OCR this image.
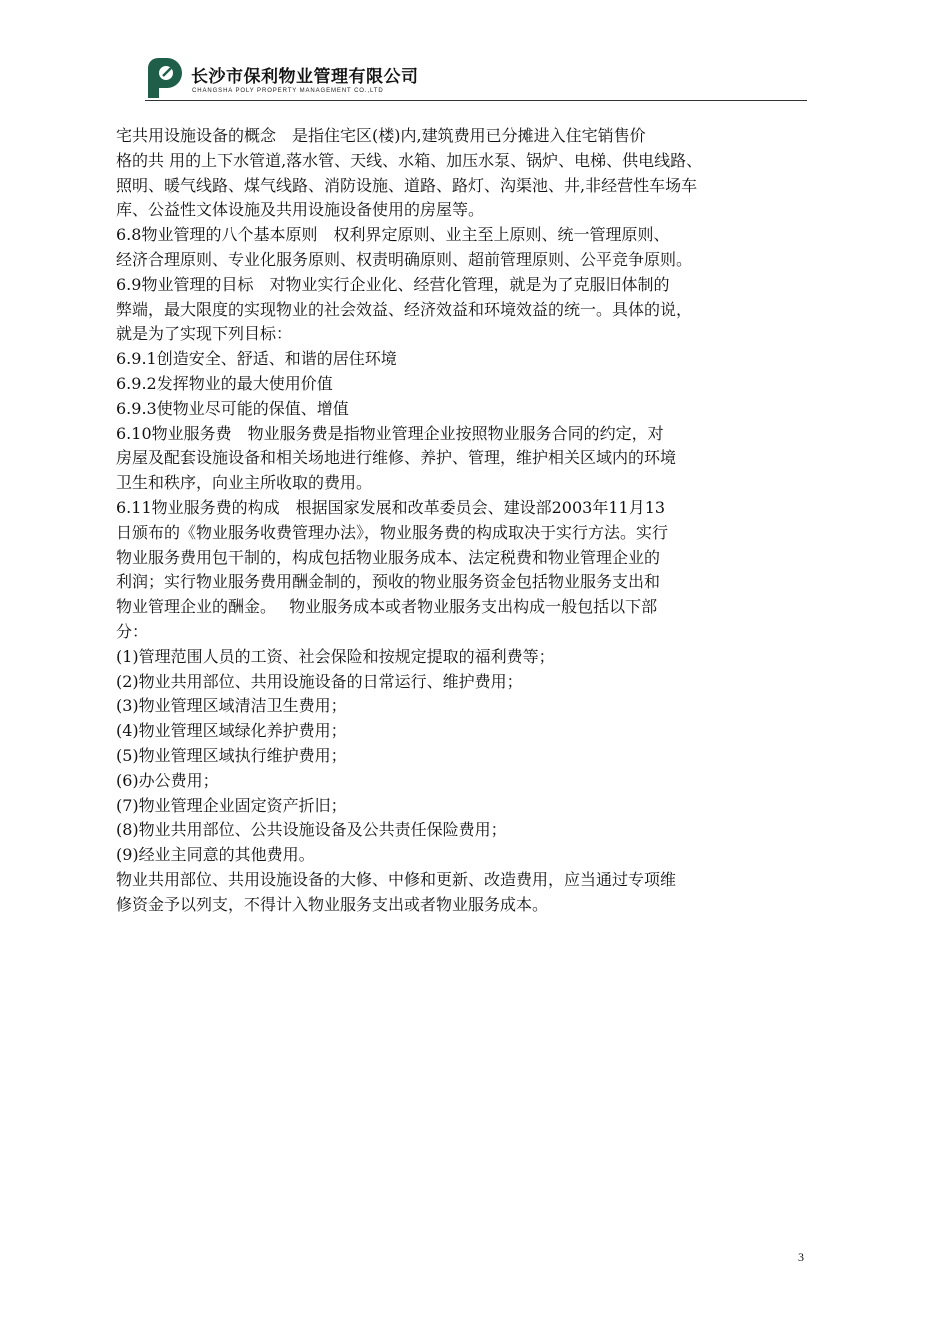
长沙市保利物业管理有限公司
CHANGSHA POLY PROPERTY MANAGEMENT CO.,LTD
宅共用设施设备的概念　是指住宅区(楼)内,建筑费用已分摊进入住宅销售价
格的共 用的上下水管道,落水管、天线、水箱、加压水泵、锅炉、电梯、供电线路、
照明、暖气线路、煤气线路、消防设施、道路、路灯、沟渠池、井,非经营性车场车
库、公益性文体设施及共用设施设备使用的房屋等。
6.8物业管理的八个基本原则　权利界定原则、业主至上原则、统一管理原则、
经济合理原则、专业化服务原则、权责明确原则、超前管理原则、公平竞争原则。
6.9物业管理的目标　对物业实行企业化、经营化管理，就是为了克服旧体制的
弊端，最大限度的实现物业的社会效益、经济效益和环境效益的统一。具体的说，
就是为了实现下列目标：
6.9.1创造安全、舒适、和谐的居住环境
6.9.2发挥物业的最大使用价值
6.9.3使物业尽可能的保值、增值
6.10物业服务费　物业服务费是指物业管理企业按照物业服务合同的约定，对
房屋及配套设施设备和相关场地进行维修、养护、管理，维护相关区域内的环境
卫生和秩序，向业主所收取的费用。
6.11物业服务费的构成　根据国家发展和改革委员会、建设部2003年11月13
日颁布的《物业服务收费管理办法》，物业服务费的构成取决于实行方法。实行
物业服务费用包干制的，构成包括物业服务成本、法定税费和物业管理企业的
利润；实行物业服务费用酬金制的，预收的物业服务资金包括物业服务支出和
物业管理企业的酬金。　 物业服务成本或者物业服务支出构成一般包括以下部
分：
(1)管理范围人员的工资、社会保险和按规定提取的福利费等；
(2)物业共用部位、共用设施设备的日常运行、维护费用；
(3)物业管理区域清洁卫生费用；
(4)物业管理区域绿化养护费用；
(5)物业管理区域执行维护费用；
(6)办公费用；
(7)物业管理企业固定资产折旧；
(8)物业共用部位、公共设施设备及公共责任保险费用；
(9)经业主同意的其他费用。
物业共用部位、共用设施设备的大修、中修和更新、改造费用，应当通过专项维
修资金予以列支，不得计入物业服务支出或者物业服务成本。
3
